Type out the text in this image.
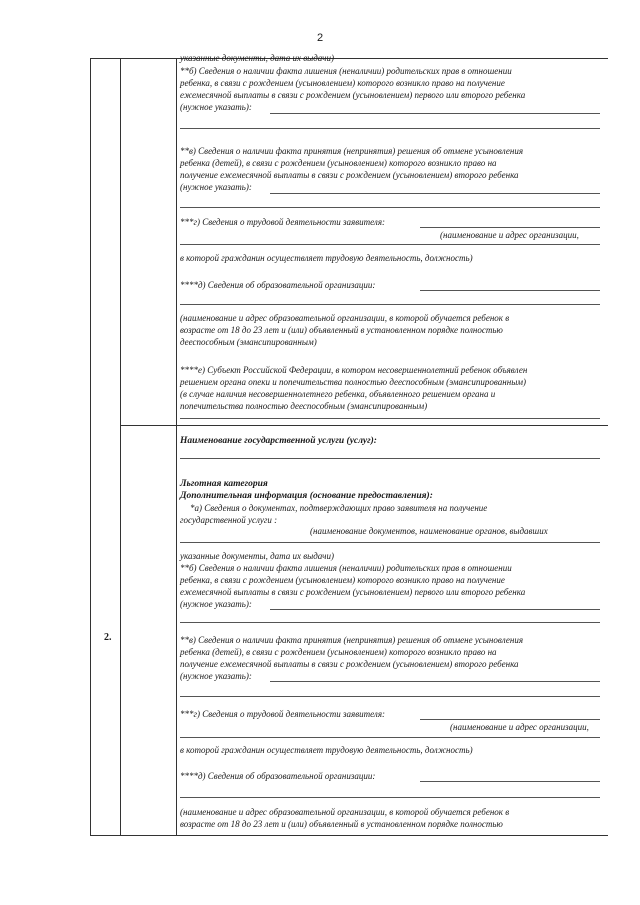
2
2.
указанные документы, дата их выдачи)
**б) Сведения о наличии факта лишения (неналичии) родительских прав в отношении
ребенка, в связи с рождением (усыновлением) которого возникло право на получение
ежемесячной выплаты в связи с рождением (усыновлением) первого или второго ребенка
(нужное указать):
**в) Сведения о наличии факта принятия (непринятия) решения об отмене усыновления
ребенка (детей), в связи с рождением (усыновлением) которого возникло право на
получение ежемесячной выплаты в связи с рождением (усыновлением) второго ребенка
(нужное указать):
***г) Сведения о трудовой деятельности заявителя:
(наименование и адрес организации,
в которой гражданин осуществляет трудовую деятельность, должность)
****д) Сведения об образовательной организации:
(наименование и адрес образовательной организации, в которой обучается ребенок в
возрасте от 18 до 23 лет и (или) объявленный в установленном порядке полностью
дееспособным (эмансипированным)
****е) Субъект Российской Федерации, в котором несовершеннолетний ребенок объявлен
решением органа опеки и попечительства полностью дееспособным (эмансипированным)
(в случае наличия несовершеннолетнего ребенка, объявленного решением органа и
попечительства полностью дееспособным (эмансипированным)
Наименование государственной услуги (услуг):
Льготная категория
Дополнительная информация (основание предоставления):
*а) Сведения о документах, подтверждающих право заявителя на получение
государственной услуги :
(наименование документов, наименование органов, выдавших
указанные документы, дата их выдачи)
**б) Сведения о наличии факта лишения (неналичии) родительских прав в отношении
ребенка, в связи с рождением (усыновлением) которого возникло право на получение
ежемесячной выплаты в связи с рождением (усыновлением) первого или второго ребенка
(нужное указать):
**в) Сведения о наличии факта принятия (непринятия) решения об отмене усыновления
ребенка (детей), в связи с рождением (усыновлением) которого возникло право на
получение ежемесячной выплаты в связи с рождением (усыновлением) второго ребенка
(нужное указать):
***г) Сведения о трудовой деятельности заявителя:
(наименование и адрес организации,
в которой гражданин осуществляет трудовую деятельность, должность)
****д) Сведения об образовательной организации:
(наименование и адрес образовательной организации, в которой обучается ребенок в
возрасте от 18 до 23 лет и (или) объявленный в установленном порядке полностью
